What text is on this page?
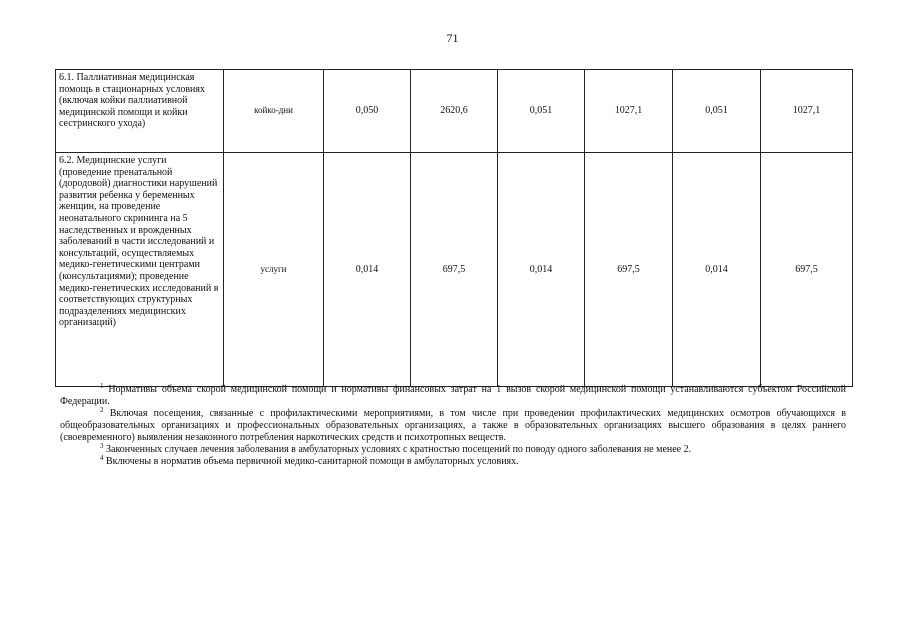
71
6.1. Паллиативная медицинская помощь в стационарных условиях (включая койки паллиативной медицинской помощи и койки сестринского ухода)	койко-дни	0,050	2620,6	0,051	1027,1	0,051	1027,1
6.2. Медицинские услуги (проведение пренатальной (дородовой) диагностики нарушений развития ребенка у беременных женщин, на проведение неонатального скрининга на 5 наследственных и врожденных заболеваний в части исследований и консультаций, осуществляемых медико-генетическими центрами (консультациями); проведение медико-генетических исследований в соответствующих структурных подразделениях медицинских организаций)	услуги	0,014	697,5	0,014	697,5	0,014	697,5

$^1$ Нормативы объема скорой медицинской помощи и нормативы финансовых затрат на 1 вызов скорой медицинской помощи устанавливаются субъектом Российской Федерации.

$^2$ Включая посещения, связанные с профилактическими мероприятиями, в том числе при проведении профилактических медицинских осмотров обучающихся в общеобразовательных организациях и профессиональных образовательных организациях, а также в образовательных организациях высшего образования в целях раннего (своевременного) выявления незаконного потребления наркотических средств и психотропных веществ.

$^3$ Законченных случаев лечения заболевания в амбулаторных условиях с кратностью посещений по поводу одного заболевания не менее 2.

$^4$ Включены в норматив объема первичной медико-санитарной помощи в амбулаторных условиях.
